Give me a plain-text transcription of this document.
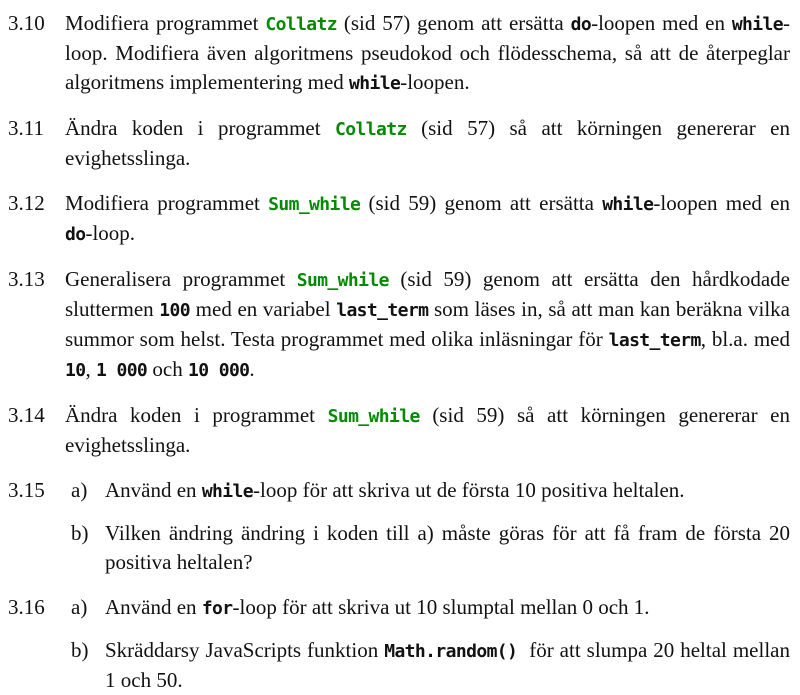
3.10 Modifiera programmet Collatz (sid 57) genom att ersätta do-loopen med en while-loop. Modifiera även algoritmens pseudokod och flödesschema, så att de återpeglar algoritmens implementering med while-loopen.
3.11	Ändra koden i programmet Collatz (sid 57) så att körningen genererar en evighetsslinga.
3.12 Modifiera programmet Sum_while (sid 59) genom att ersätta while-loopen med en do-loop.
3.13 Generalisera programmet Sum_while (sid 59) genom att ersätta den hårdkodade sluttermen 100 med en variabel last_term som läses in, så att man kan beräkna vilka summor som helst. Testa programmet med olika inläsningar för last_term, bl.a. med 10, 1 000 och 10 000.
3.14 Ändra koden i programmet Sum_while (sid 59) så att körningen genererar en evighetsslinga.
3.15	a) Använd en while-loop för att skriva ut de första 10 positiva heltalen.
b) Vilken ändring ändring i koden till a) måste göras för att få fram de första 20 positiva heltalen?
3.16	a) Använd en for-loop för att skriva ut 10 slumptal mellan 0 och 1.
b) Skräddarsy JavaScripts funktion Math.random()  för att slumpa 20 heltal mellan 1 och 50.
